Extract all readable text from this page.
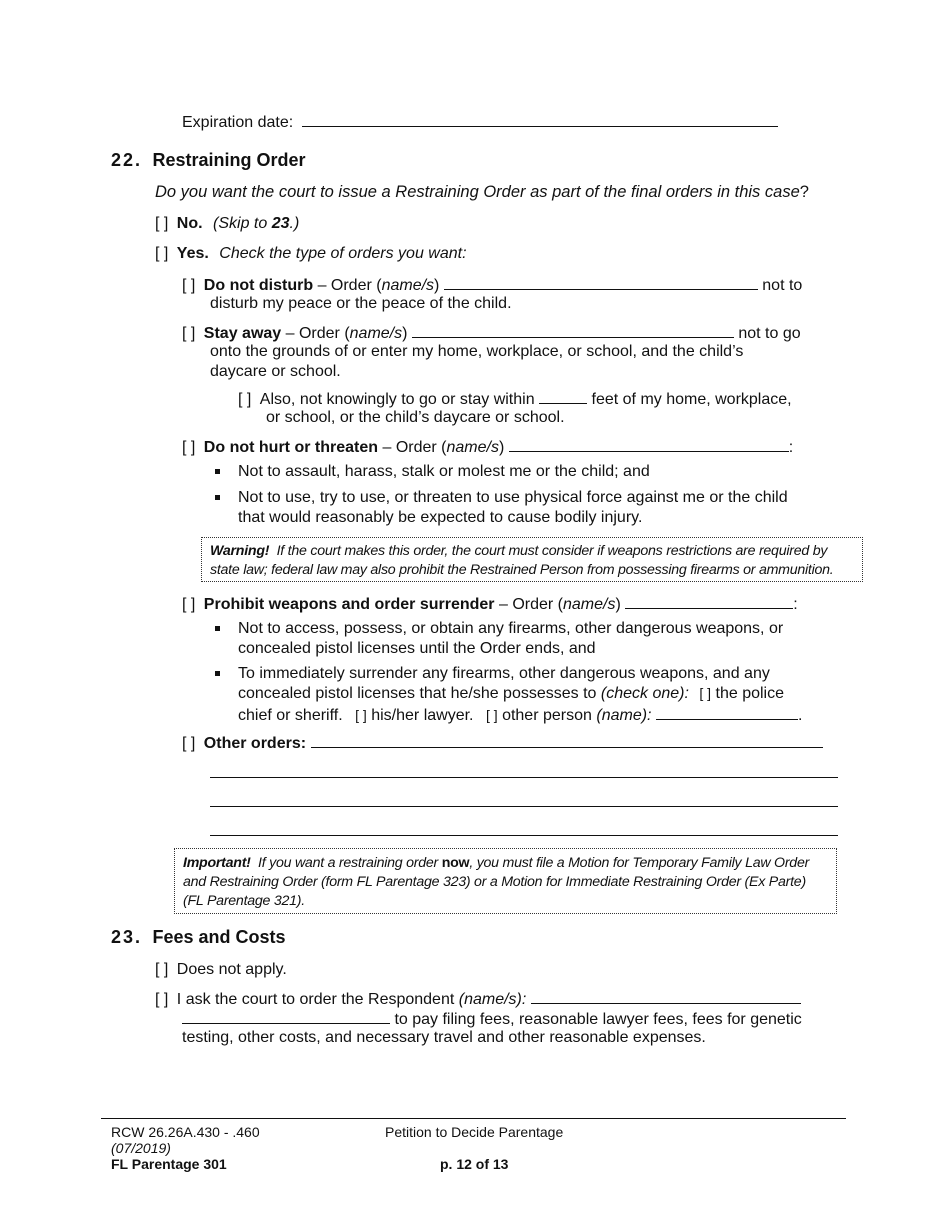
Expiration date:
22. Restraining Order
Do you want the court to issue a Restraining Order as part of the final orders in this case?
[ ] No. (Skip to 23.)
[ ] Yes. Check the type of orders you want:
[ ] Do not disturb – Order (name/s)	not to
disturb my peace or the peace of the child.
[ ] Stay away – Order (name/s)	not to go
onto the grounds of or enter my home, workplace, or school, and the child’s
daycare or school.
[ ] Also, not knowingly to go or stay within	feet of my home, workplace,
or school, or the child’s daycare or school.
[ ] Do not hurt or threaten – Order (name/s)	:
Not to assault, harass, stalk or molest me or the child; and
Not to use, try to use, or threaten to use physical force against me or the child
that would reasonably be expected to cause bodily injury.
Warning! If the court makes this order, the court must consider if weapons restrictions are required by
state law; federal law may also prohibit the Restrained Person from possessing firearms or ammunition.
[ ] Prohibit weapons and order surrender – Order (name/s)	:
Not to access, possess, or obtain any firearms, other dangerous weapons, or
concealed pistol licenses until the Order ends, and
To immediately surrender any firearms, other dangerous weapons, and any
concealed pistol licenses that he/she possesses to (check one): [ ] the police
chief or sheriff. [ ] his/her lawyer. [ ] other person (name):	.
[ ] Other orders:
Important! If you want a restraining order now, you must file a Motion for Temporary Family Law Order
and Restraining Order (form FL Parentage 323) or a Motion for Immediate Restraining Order (Ex Parte)
(FL Parentage 321).
23. Fees and Costs
[ ] Does not apply.
[ ] I ask the court to order the Respondent (name/s):
to pay filing fees, reasonable lawyer fees, fees for genetic
testing, other costs, and necessary travel and other reasonable expenses.
RCW 26.26A.430 - .460
(07/2019)
FL Parentage 301
Petition to Decide Parentage
p. 12 of 13
